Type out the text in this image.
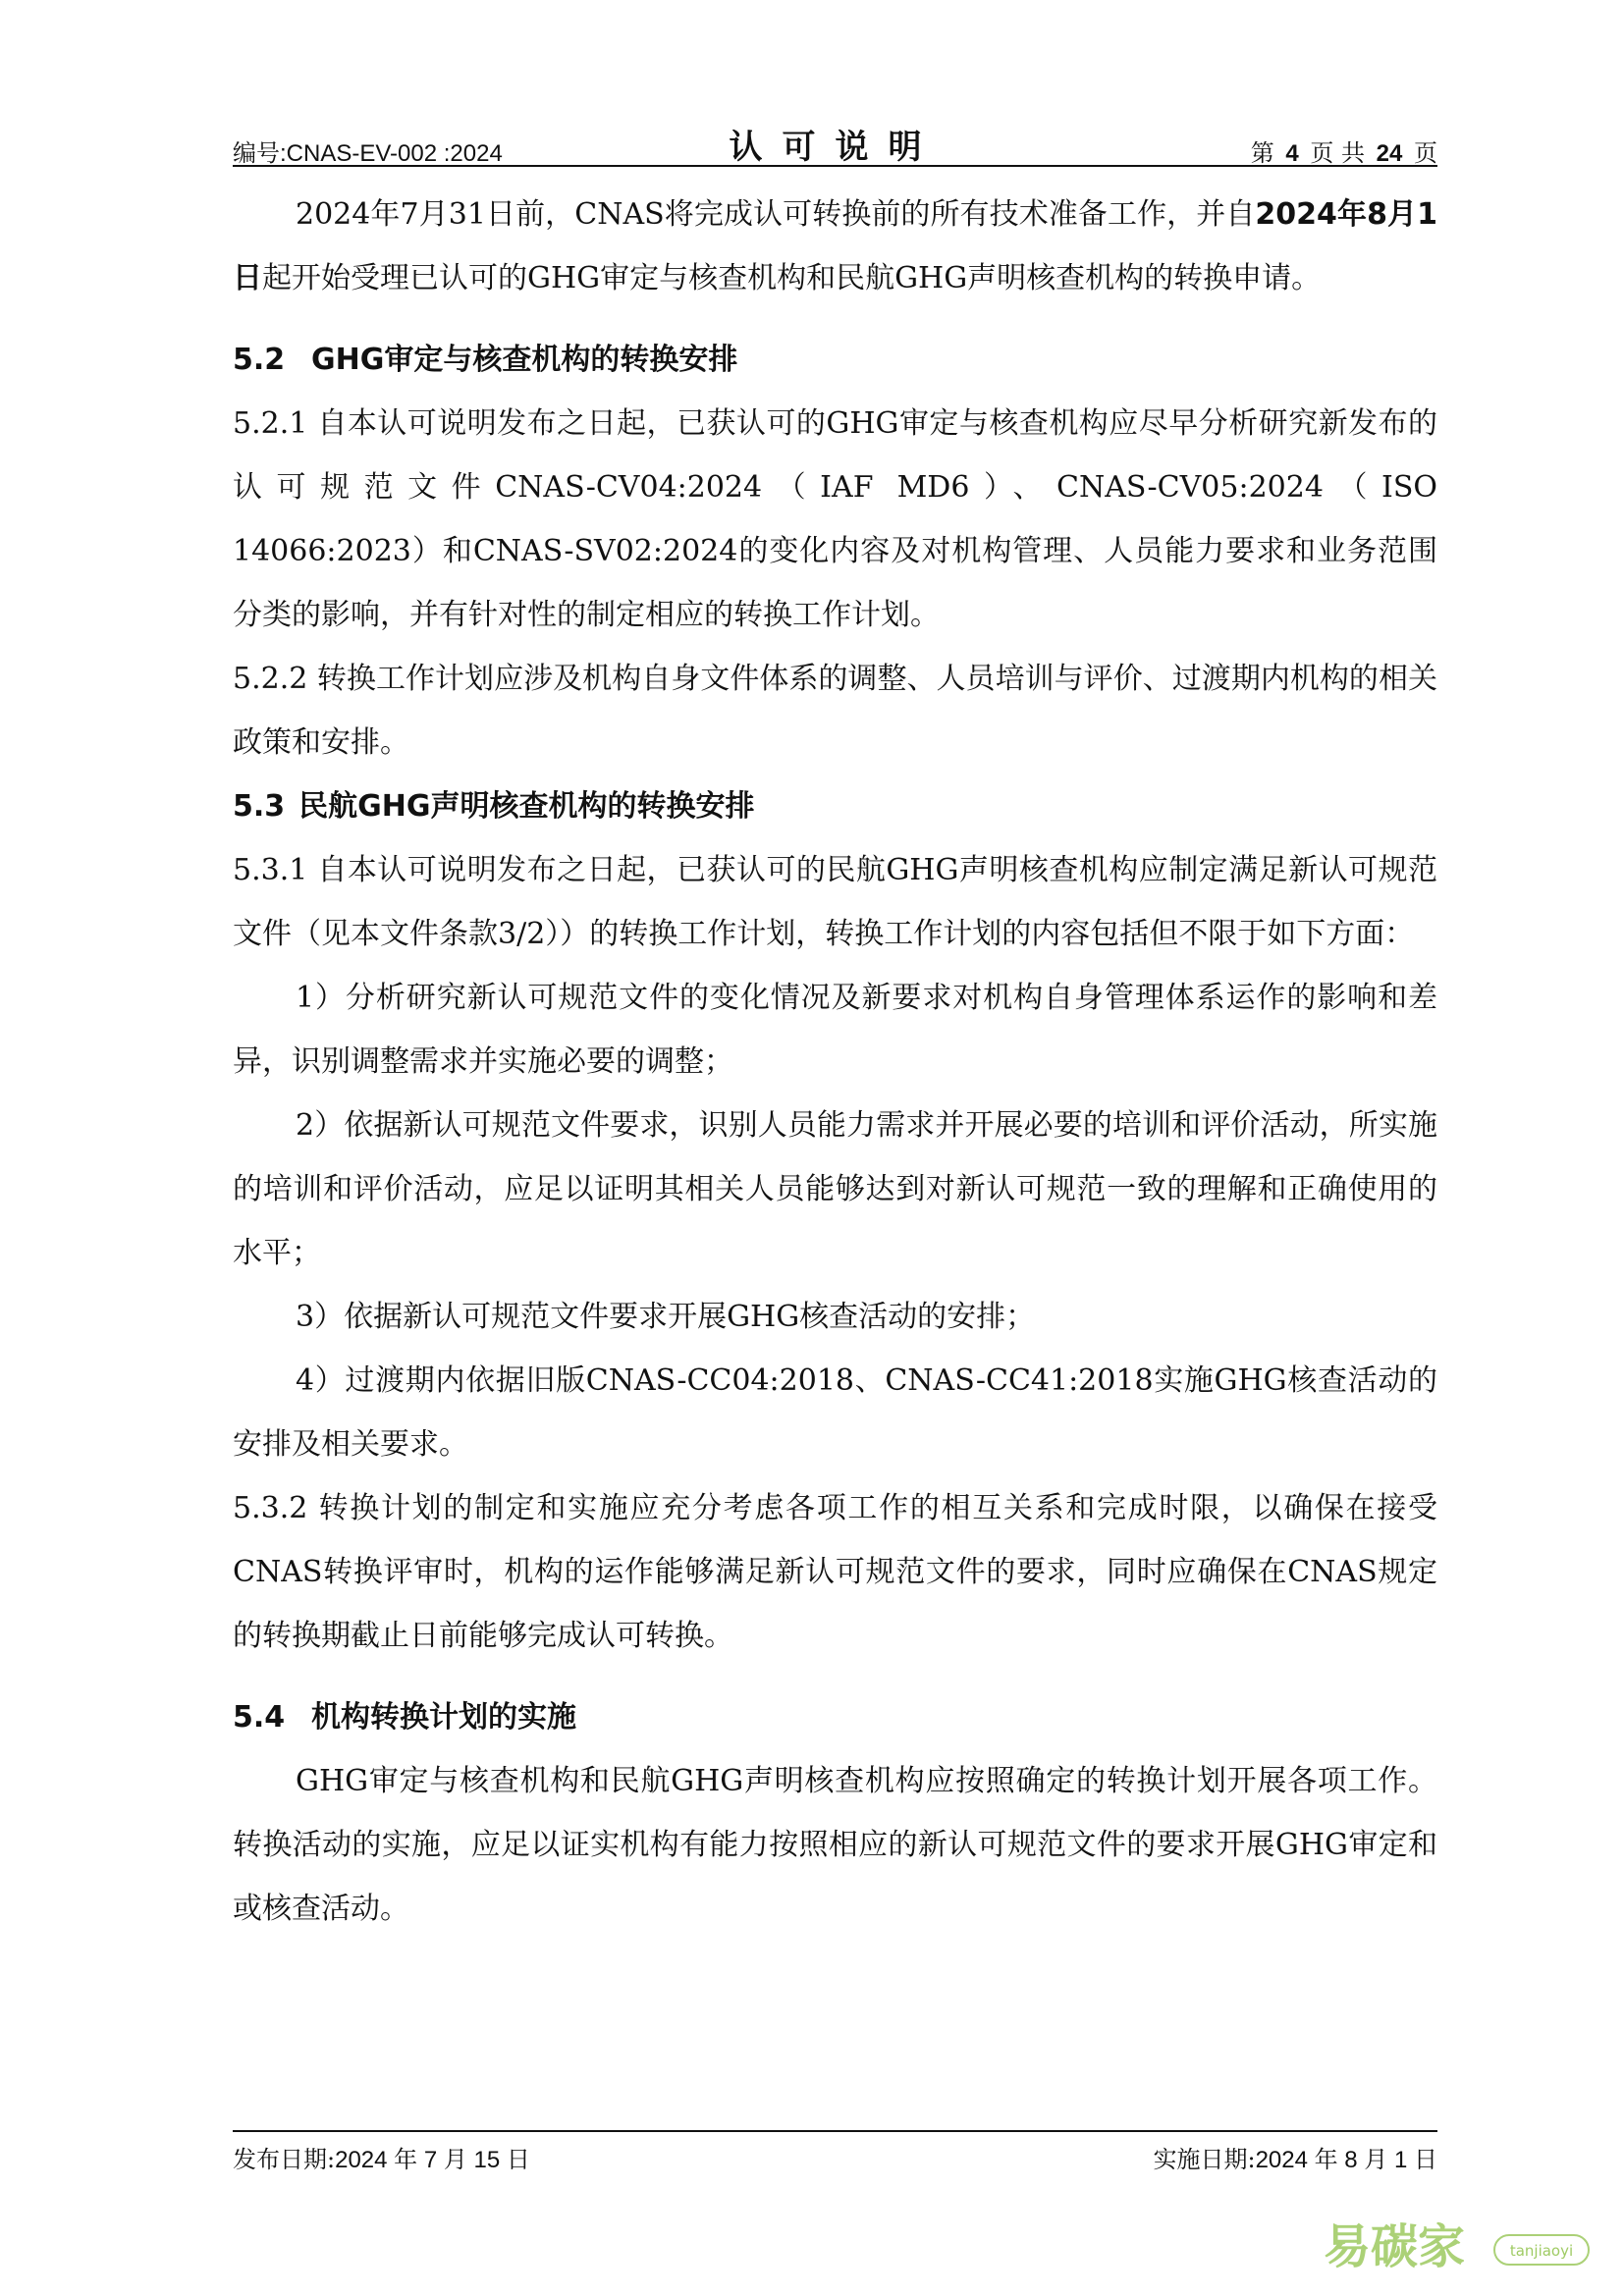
编号:CNAS-EV-002 :2024	认可说明	第 4 页 共 24 页

2024年7月31日前，CNAS将完成认可转换前的所有技术准备工作，并自2024年8月1日起开始受理已认可的GHG审定与核查机构和民航GHG声明核查机构的转换申请。

5.2 GHG审定与核查机构的转换安排

5.2.1 自本认可说明发布之日起，已获认可的GHG审定与核查机构应尽早分析研究新发布的认可规范文件CNAS-CV04:2024（IAF MD6）、CNAS-CV05:2024（ISO 14066:2023）和CNAS-SV02:2024的变化内容及对机构管理、人员能力要求和业务范围分类的影响，并有针对性的制定相应的转换工作计划。

5.2.2 转换工作计划应涉及机构自身文件体系的调整、人员培训与评价、过渡期内机构的相关政策和安排。

5.3 民航GHG声明核查机构的转换安排

5.3.1 自本认可说明发布之日起，已获认可的民航GHG声明核查机构应制定满足新认可规范文件（见本文件条款3/2））的转换工作计划，转换工作计划的内容包括但不限于如下方面：

1）分析研究新认可规范文件的变化情况及新要求对机构自身管理体系运作的影响和差异，识别调整需求并实施必要的调整；

2）依据新认可规范文件要求，识别人员能力需求并开展必要的培训和评价活动，所实施的培训和评价活动，应足以证明其相关人员能够达到对新认可规范一致的理解和正确使用的水平；

3）依据新认可规范文件要求开展GHG核查活动的安排；

4）过渡期内依据旧版CNAS-CC04:2018、CNAS-CC41:2018实施GHG核查活动的安排及相关要求。

5.3.2 转换计划的制定和实施应充分考虑各项工作的相互关系和完成时限，以确保在接受CNAS转换评审时，机构的运作能够满足新认可规范文件的要求，同时应确保在CNAS规定的转换期截止日前能够完成认可转换。

5.4 机构转换计划的实施

GHG审定与核查机构和民航GHG声明核查机构应按照确定的转换计划开展各项工作。转换活动的实施，应足以证实机构有能力按照相应的新认可规范文件的要求开展GHG审定和或核查活动。

发布日期:2024 年 7 月 15 日	实施日期:2024 年 8 月 1 日
易碳家	tanjiaoyi
